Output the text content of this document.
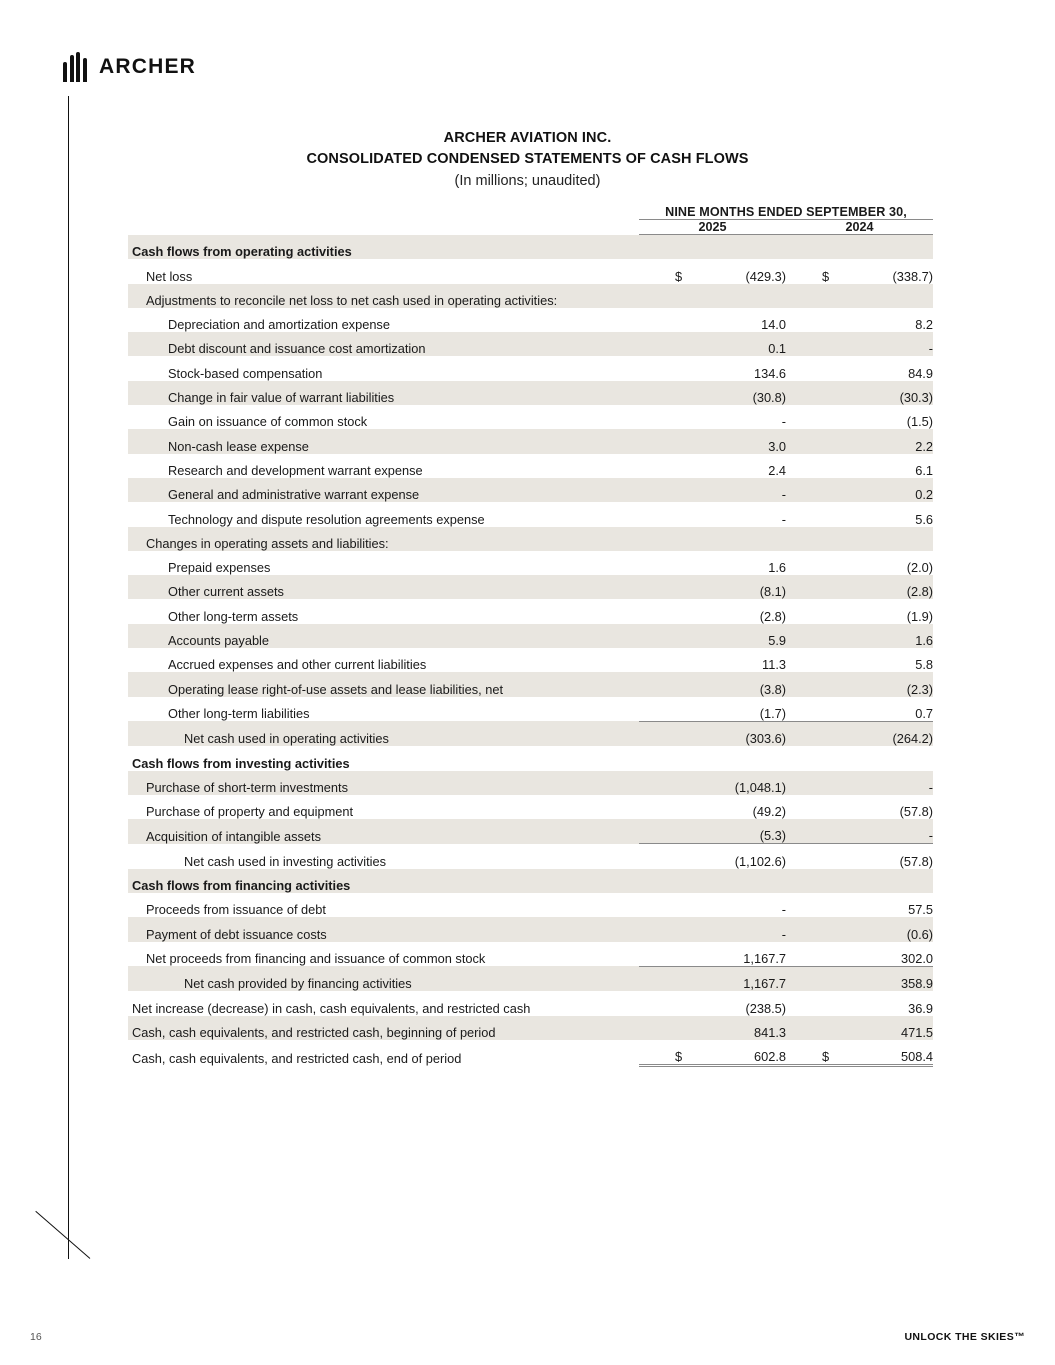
ARCHER
ARCHER AVIATION INC.
CONSOLIDATED CONDENSED STATEMENTS OF CASH FLOWS
(In millions; unaudited)
	NINE MONTHS ENDED SEPTEMBER 30,	
	2025	2024
Cash flows from operating activities		
Net loss	$ (429.3)	$ (338.7)
Adjustments to reconcile net loss to net cash used in operating activities:		
Depreciation and amortization expense	14.0	8.2
Debt discount and issuance cost amortization	0.1	-
Stock-based compensation	134.6	84.9
Change in fair value of warrant liabilities	(30.8)	(30.3)
Gain on issuance of common stock	-	(1.5)
Non-cash lease expense	3.0	2.2
Research and development warrant expense	2.4	6.1
General and administrative warrant expense	-	0.2
Technology and dispute resolution agreements expense	-	5.6
Changes in operating assets and liabilities:		
Prepaid expenses	1.6	(2.0)
Other current assets	(8.1)	(2.8)
Other long-term assets	(2.8)	(1.9)
Accounts payable	5.9	1.6
Accrued expenses and other current liabilities	11.3	5.8
Operating lease right-of-use assets and lease liabilities, net	(3.8)	(2.3)
Other long-term liabilities	(1.7)	0.7
Net cash used in operating activities	(303.6)	(264.2)
Cash flows from investing activities		
Purchase of short-term investments	(1,048.1)	-
Purchase of property and equipment	(49.2)	(57.8)
Acquisition of intangible assets	(5.3)	-
Net cash used in investing activities	(1,102.6)	(57.8)
Cash flows from financing activities		
Proceeds from issuance of debt	-	57.5
Payment of debt issuance costs	-	(0.6)
Net proceeds from financing and issuance of common stock	1,167.7	302.0
Net cash provided by financing activities	1,167.7	358.9
Net increase (decrease) in cash, cash equivalents, and restricted cash	(238.5)	36.9
Cash, cash equivalents, and restricted cash, beginning of period	841.3	471.5
Cash, cash equivalents, and restricted cash, end of period	$ 602.8	$ 508.4
16	UNLOCK THE SKIES™
